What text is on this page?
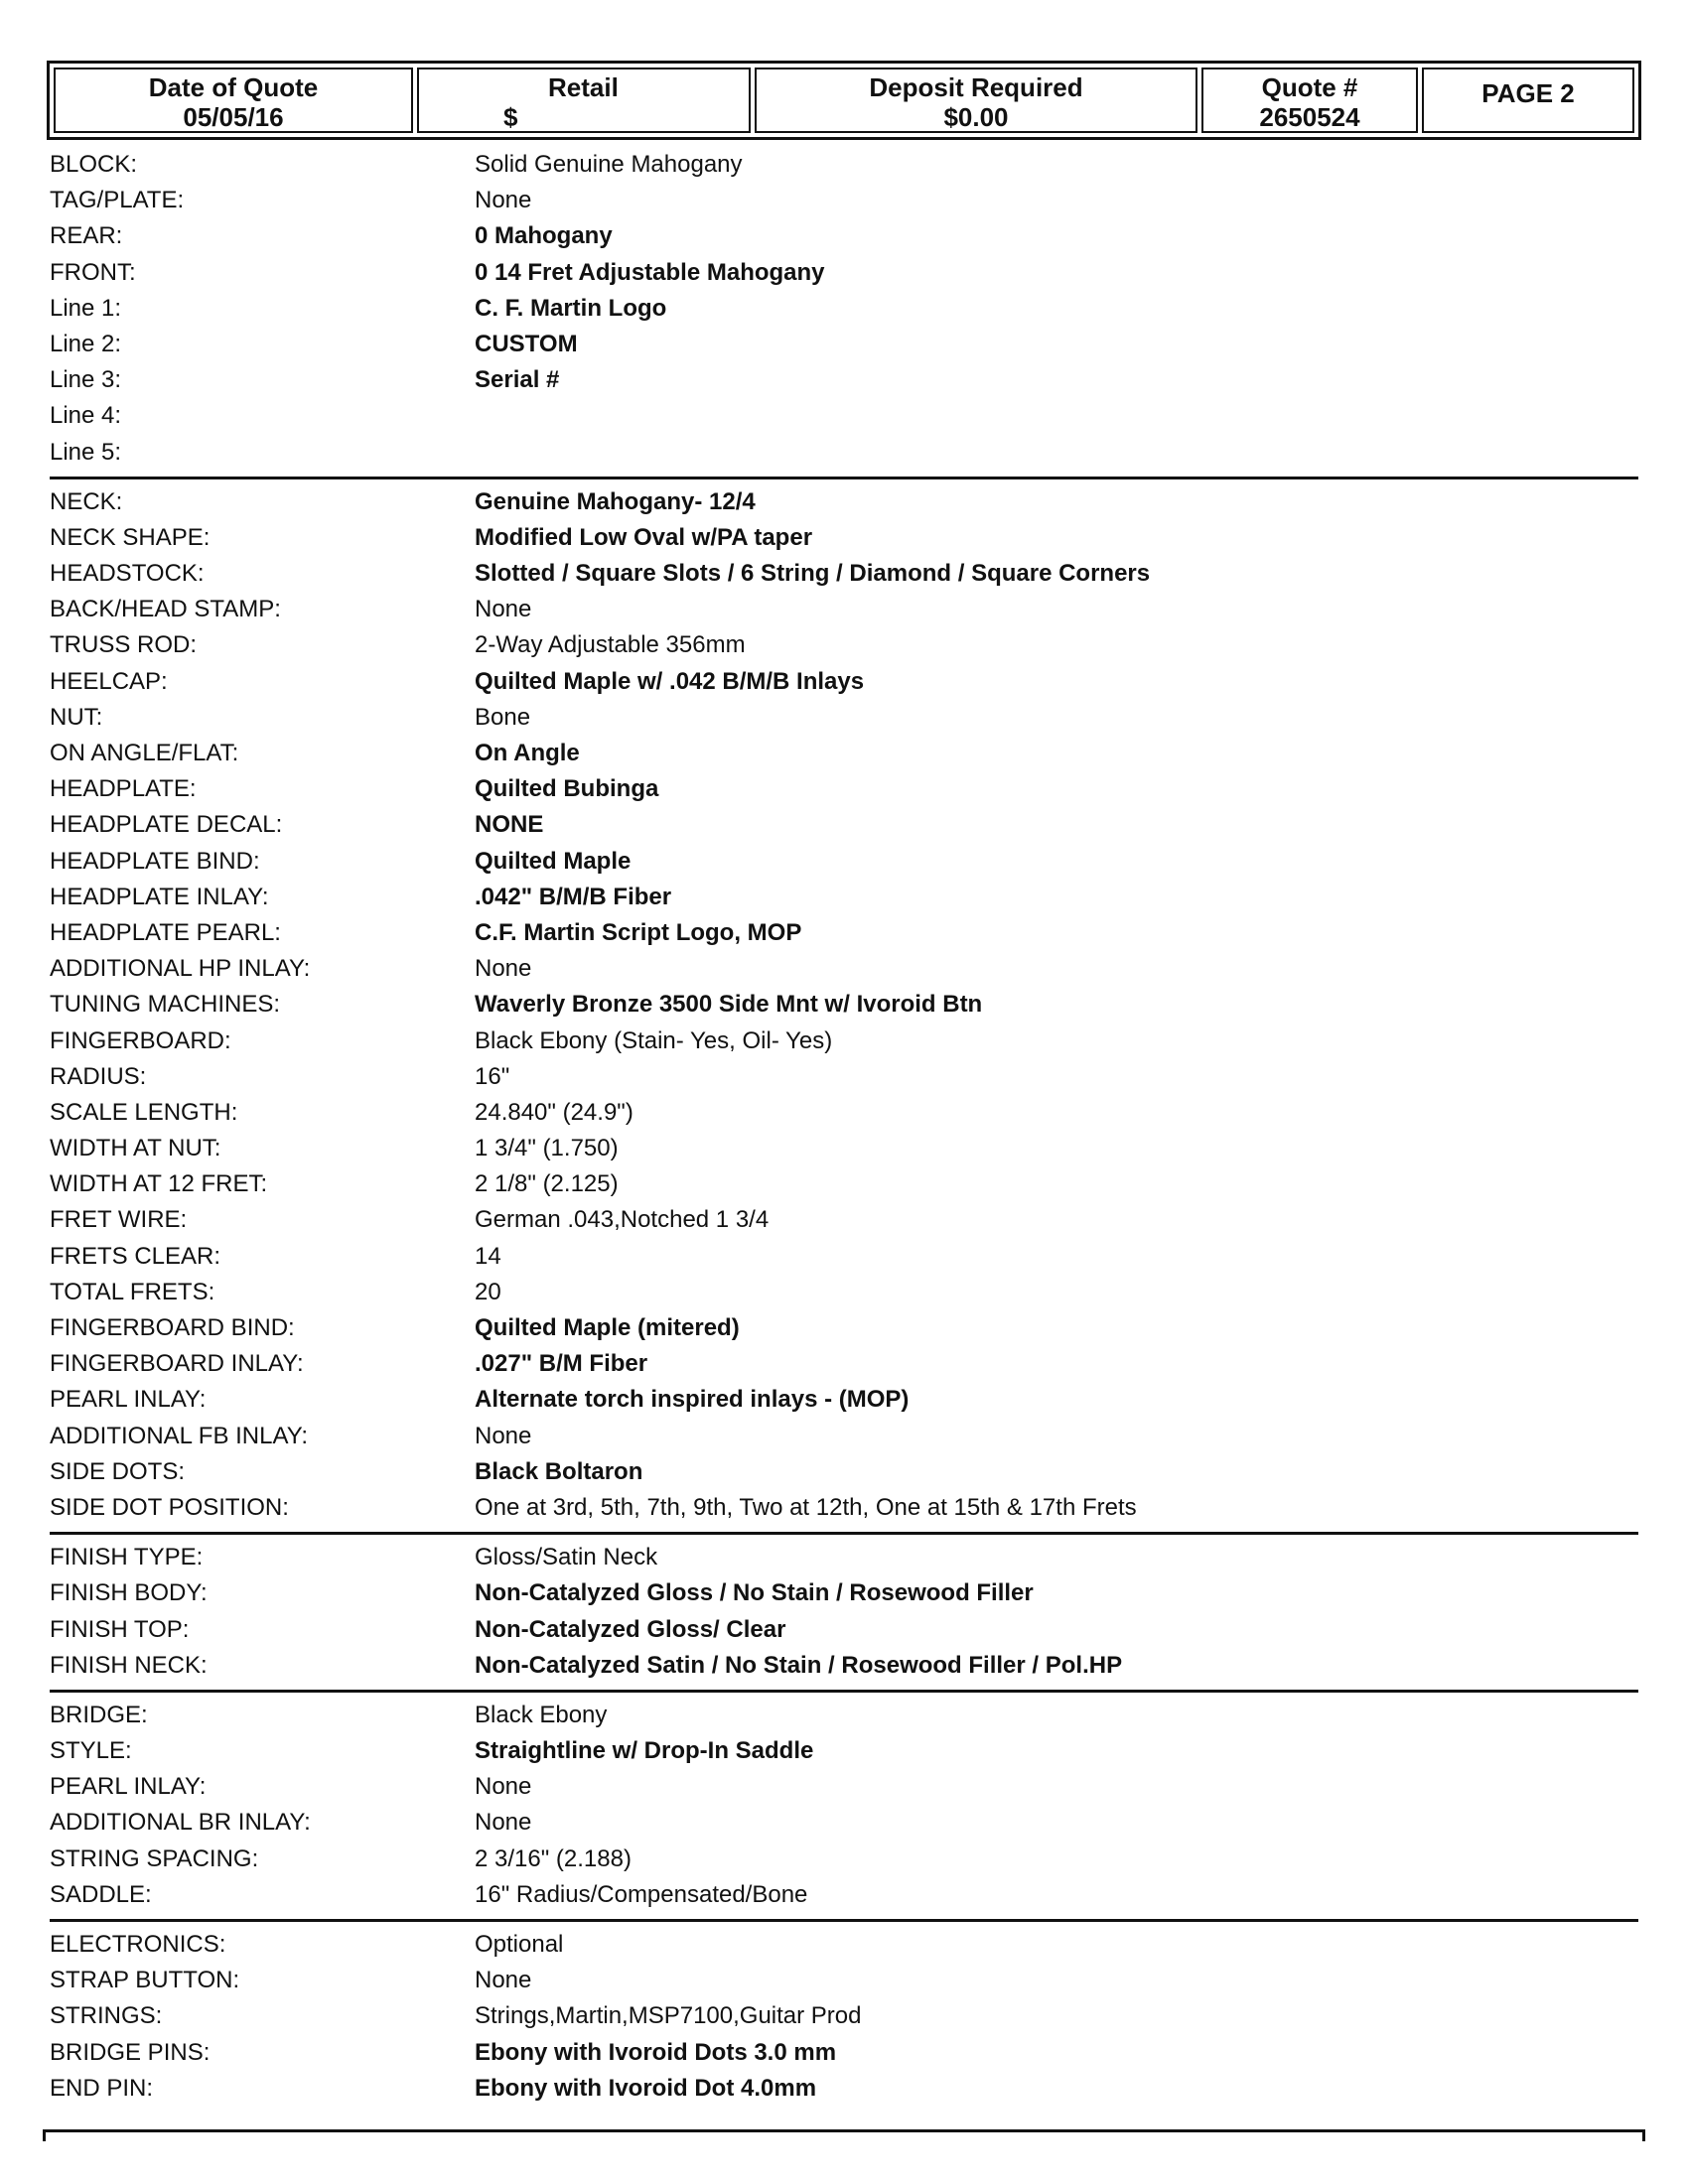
Date of Quote
05/05/16
Retail
$
Deposit Required
$0.00
Quote #
2650524
PAGE 2
BLOCK:	Solid Genuine Mahogany
TAG/PLATE:	None
REAR:	0 Mahogany
FRONT:	0 14 Fret Adjustable Mahogany
Line 1:	C. F. Martin Logo
Line 2:	CUSTOM
Line 3:	Serial #
Line 4:
Line 5:
NECK:	Genuine Mahogany- 12/4
NECK SHAPE:	Modified Low Oval w/PA taper
HEADSTOCK:	Slotted / Square Slots / 6 String / Diamond / Square Corners
BACK/HEAD STAMP:	None
TRUSS ROD:	2-Way Adjustable 356mm
HEELCAP:	Quilted Maple w/ .042 B/M/B Inlays
NUT:	Bone
ON ANGLE/FLAT:	On Angle
HEADPLATE:	Quilted Bubinga
HEADPLATE DECAL:	NONE
HEADPLATE BIND:	Quilted Maple
HEADPLATE INLAY:	.042" B/M/B Fiber
HEADPLATE PEARL:	C.F. Martin Script Logo, MOP
ADDITIONAL HP INLAY:	None
TUNING MACHINES:	Waverly Bronze 3500 Side Mnt w/ Ivoroid Btn
FINGERBOARD:	Black Ebony (Stain- Yes, Oil- Yes)
RADIUS:	16"
SCALE LENGTH:	24.840" (24.9")
WIDTH AT NUT:	1 3/4" (1.750)
WIDTH AT 12 FRET:	2 1/8" (2.125)
FRET WIRE:	German .043,Notched 1 3/4
FRETS CLEAR:	14
TOTAL FRETS:	20
FINGERBOARD BIND:	Quilted Maple (mitered)
FINGERBOARD INLAY:	.027" B/M Fiber
PEARL INLAY:	Alternate torch inspired inlays - (MOP)
ADDITIONAL FB INLAY:	None
SIDE DOTS:	Black Boltaron
SIDE DOT POSITION:	One at 3rd, 5th, 7th, 9th, Two at 12th, One at 15th & 17th Frets
FINISH TYPE:	Gloss/Satin Neck
FINISH BODY:	Non-Catalyzed Gloss / No Stain / Rosewood Filler
FINISH TOP:	Non-Catalyzed Gloss/ Clear
FINISH NECK:	Non-Catalyzed Satin / No Stain / Rosewood Filler / Pol.HP
BRIDGE:	Black Ebony
STYLE:	Straightline w/ Drop-In Saddle
PEARL INLAY:	None
ADDITIONAL BR INLAY:	None
STRING SPACING:	2 3/16" (2.188)
SADDLE:	16" Radius/Compensated/Bone
ELECTRONICS:	Optional
STRAP BUTTON:	None
STRINGS:	Strings,Martin,MSP7100,Guitar Prod
BRIDGE PINS:	Ebony with Ivoroid Dots 3.0 mm
END PIN:	Ebony with Ivoroid Dot 4.0mm
